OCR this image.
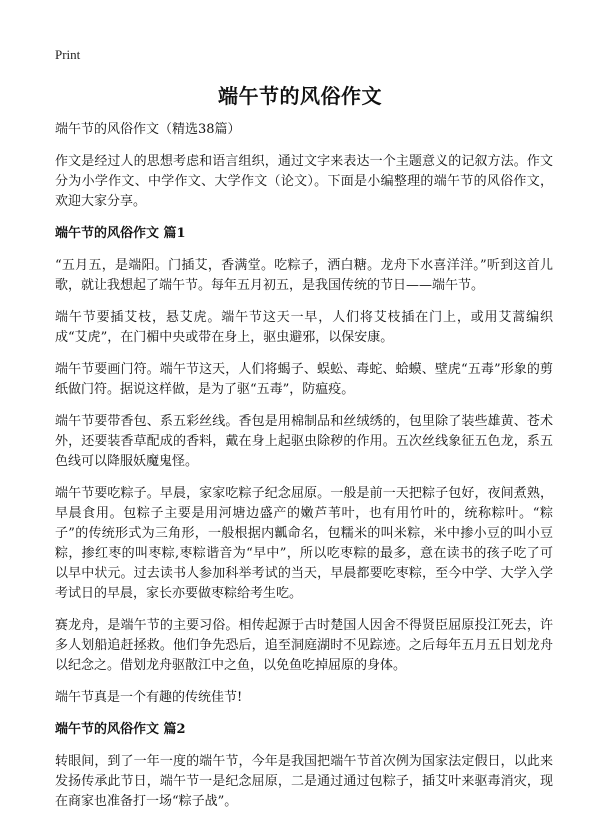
Print
端午节的风俗作文
端午节的风俗作文（精选38篇）

作文是经过人的思想考虑和语言组织，通过文字来表达一个主题意义的记叙方法。作文分为小学作文、中学作文、大学作文（论文）。下面是小编整理的端午节的风俗作文，欢迎大家分享。

端午节的风俗作文 篇1

“五月五，是端阳。门插艾，香满堂。吃粽子，洒白糖。龙舟下水喜洋洋。”听到这首儿歌，就让我想起了端午节。每年五月初五，是我国传统的节日——端午节。

端午节要插艾枝，悬艾虎。端午节这天一早，人们将艾枝插在门上，或用艾蒿编织成“艾虎”，在门楣中央或带在身上，驱虫避邪，以保安康。

端午节要画门符。端午节这天，人们将蝎子、蜈蚣、毒蛇、蛤蟆、壁虎“五毒”形象的剪纸做门符。据说这样做，是为了驱“五毒”，防瘟疫。

端午节要带香包、系五彩丝线。香包是用棉制品和丝绒绣的，包里除了装些雄黄、苍术外，还要装香草配成的香料，戴在身上起驱虫除秽的作用。五次丝线象征五色龙，系五色线可以降服妖魔鬼怪。

端午节要吃粽子。早晨，家家吃粽子纪念屈原。一般是前一天把粽子包好，夜间煮熟，早晨食用。包粽子主要是用河塘边盛产的嫩芦苇叶，也有用竹叶的，统称粽叶。“粽子”的传统形式为三角形，一般根据内瓤命名，包糯米的叫米粽，米中掺小豆的叫小豆粽，掺红枣的叫枣粽,枣粽谐音为“早中”，所以吃枣粽的最多，意在读书的孩子吃了可以早中状元。过去读书人参加科举考试的当天，早晨都要吃枣粽，至今中学、大学入学考试日的早晨，家长亦要做枣粽给考生吃。

赛龙舟，是端午节的主要习俗。相传起源于古时楚国人因舍不得贤臣屈原投江死去，许多人划船追赶拯救。他们争先恐后，追至洞庭湖时不见踪迹。之后每年五月五日划龙舟以纪念之。借划龙舟驱散江中之鱼，以免鱼吃掉屈原的身体。

端午节真是一个有趣的传统佳节!

端午节的风俗作文 篇2

转眼间，到了一年一度的端午节，今年是我国把端午节首次例为国家法定假日，以此来发扬传承此节日，端午节一是纪念屈原，二是通过通过包粽子，插艾叶来驱毒消灾，现在商家也准备打一场“粽子战”。
